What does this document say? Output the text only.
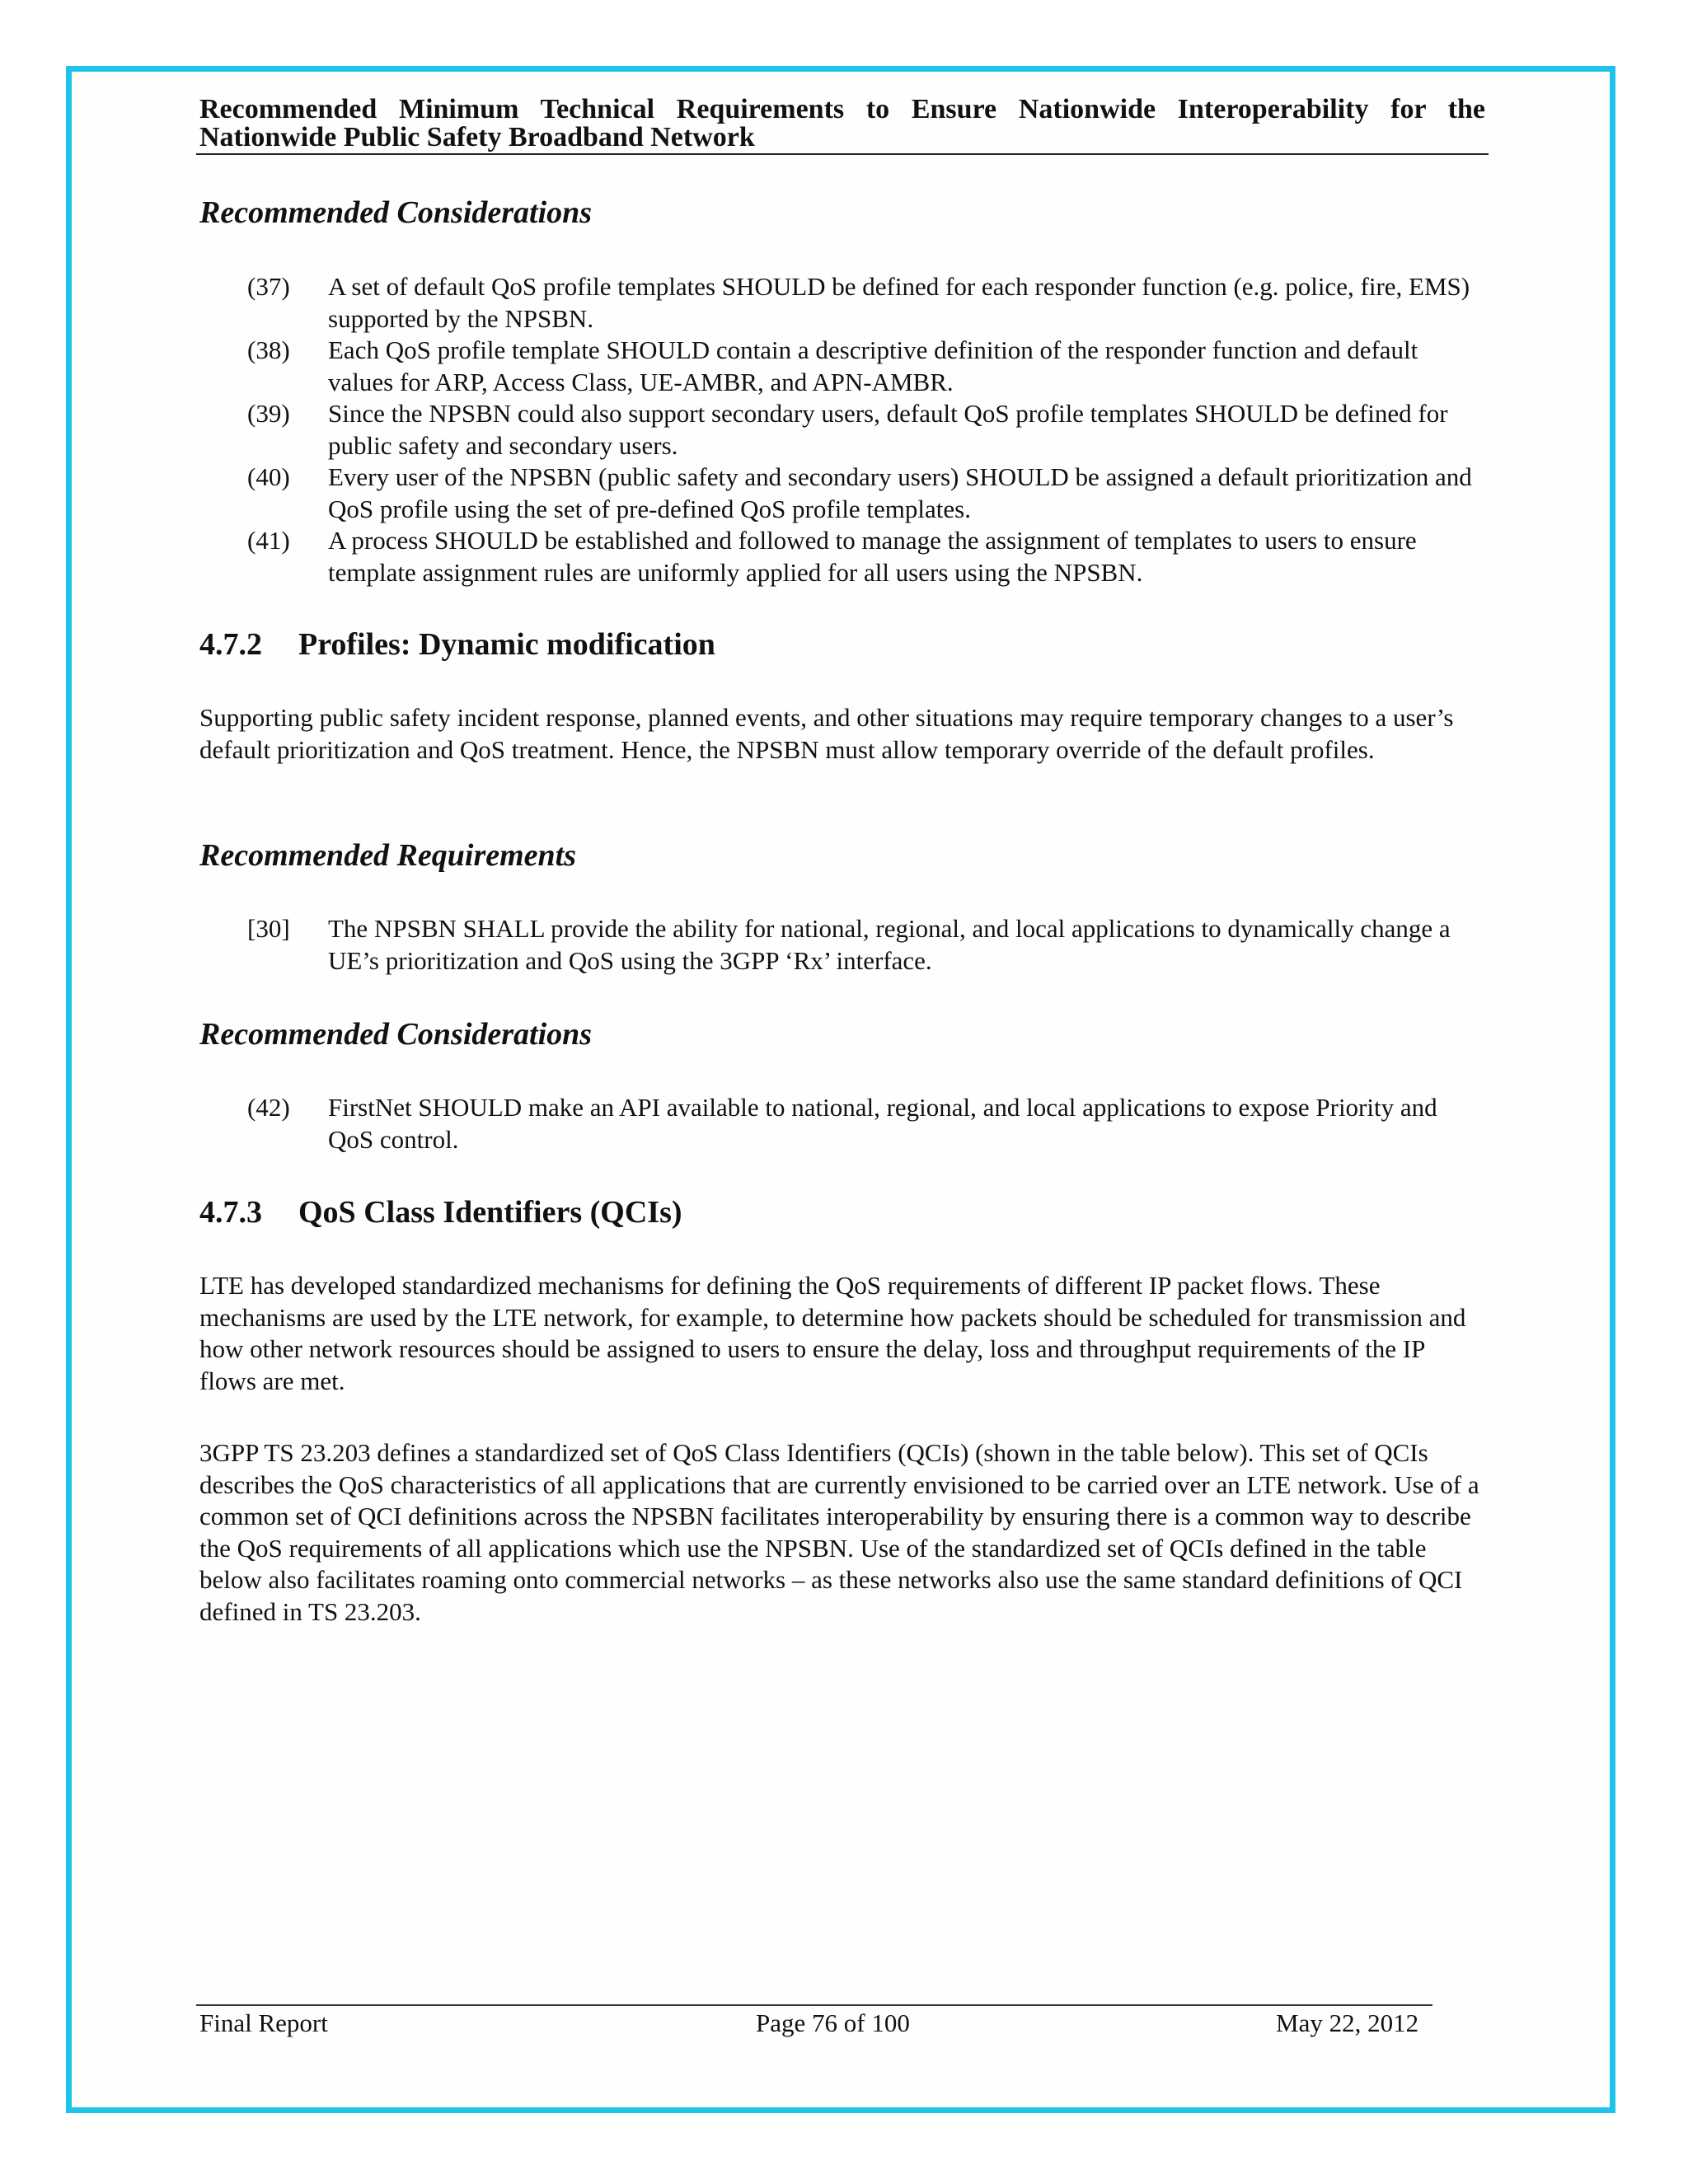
Recommended Minimum Technical Requirements to Ensure Nationwide Interoperability for the Nationwide Public Safety Broadband Network
Recommended Considerations
(37)	A set of default QoS profile templates SHOULD be defined for each responder function (e.g. police, fire, EMS) supported by the NPSBN.
(38)	Each QoS profile template SHOULD contain a descriptive definition of the responder function and default values for ARP, Access Class, UE-AMBR, and APN-AMBR.
(39)	Since the NPSBN could also support secondary users, default QoS profile templates SHOULD be defined for public safety and secondary users.
(40)	Every user of the NPSBN (public safety and secondary users) SHOULD be assigned a default prioritization and QoS profile using the set of pre-defined QoS profile templates.
(41)	A process SHOULD be established and followed to manage the assignment of templates to users to ensure template assignment rules are uniformly applied for all users using the NPSBN.
4.7.2 Profiles: Dynamic modification
Supporting public safety incident response, planned events, and other situations may require temporary changes to a user’s default prioritization and QoS treatment. Hence, the NPSBN must allow temporary override of the default profiles.
Recommended Requirements
[30]	The NPSBN SHALL provide the ability for national, regional, and local applications to dynamically change a UE’s prioritization and QoS using the 3GPP ‘Rx’ interface.
Recommended Considerations
(42)	FirstNet SHOULD make an API available to national, regional, and local applications to expose Priority and QoS control.
4.7.3 QoS Class Identifiers (QCIs)
LTE has developed standardized mechanisms for defining the QoS requirements of different IP packet flows. These mechanisms are used by the LTE network, for example, to determine how packets should be scheduled for transmission and how other network resources should be assigned to users to ensure the delay, loss and throughput requirements of the IP flows are met.
3GPP TS 23.203 defines a standardized set of QoS Class Identifiers (QCIs) (shown in the table below). This set of QCIs describes the QoS characteristics of all applications that are currently envisioned to be carried over an LTE network. Use of a common set of QCI definitions across the NPSBN facilitates interoperability by ensuring there is a common way to describe the QoS requirements of all applications which use the NPSBN. Use of the standardized set of QCIs defined in the table below also facilitates roaming onto commercial networks – as these networks also use the same standard definitions of QCI defined in TS 23.203.
Final Report	Page 76 of 100	May 22, 2012
